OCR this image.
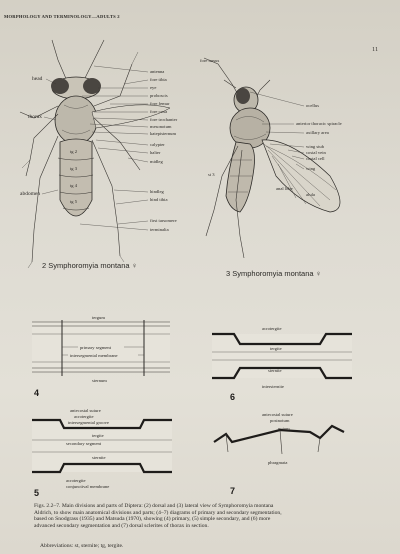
MORPHOLOGY AND TERMINOLOGY—ADULTS 2
11
tg 2
tg 3
tg 4
tg 5
head
thorax
abdomen
antenna
fore tibia
eye
proboscis
fore femur
fore coxa
fore trochanter
mesonotum
katepisternum
calypter
halter
midleg
hindleg
hind tibia
first tarsomere
terminalia
2 Symphoromyia montana ♀
fore tarsus
st 3
anal lobe
alula
ocellus
anterior thoracic spiracle
axillary area
wing stub
costal vein
costal cell
wing
3 Symphoromyia montana ♀
tergum
primary segment
intersegmental membrane
sternum
4
antecostal suture
acrotergite
intersegmental groove
tergite
secondary segment
sternite
acrotergite
conjunctival membrane
5
acrotergite
tergite
sternite
intersternite
6
antecostal suture
postnotum
notum
phragmata
7

Figs. 2.2–7. Main divisions and parts of Diptera: (2) dorsal and (3) lateral view of Symphoromyia montana

Aldrich, to show main anatomical divisions and parts; (4–7) diagrams of primary and secondary segmentation,

based on Snodgrass (1935) and Matsuda (1970), showing (4) primary, (5) simple secondary, and (6) more

advanced secondary segmentation and (7) dorsal sclerites of thorax in section.

Abbreviations: st, sternite; tg, tergite.
